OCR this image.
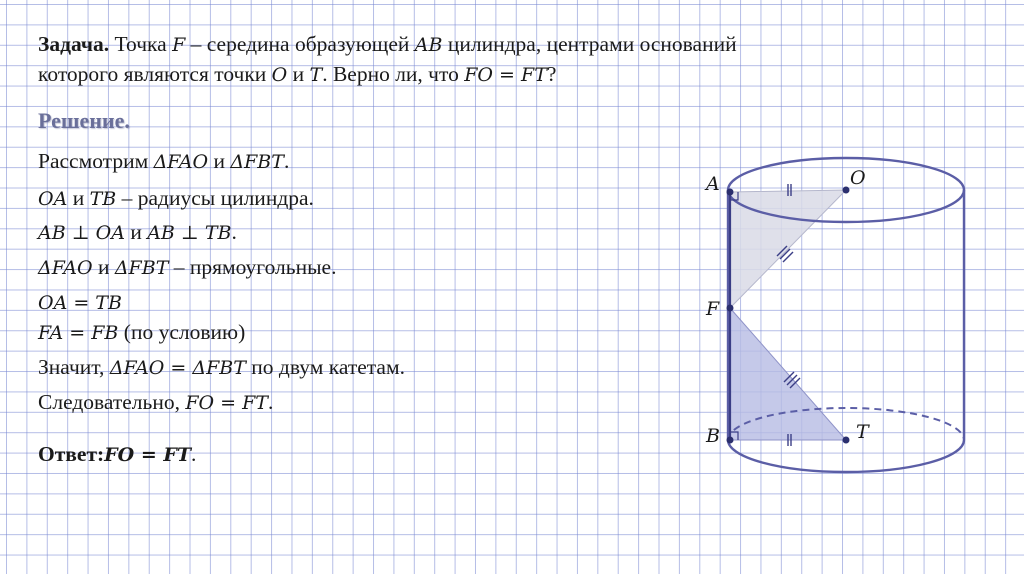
Задача. Точка F – середина образующей AB цилиндра, центрами оснований
которого являются точки O и T. Верно ли, что FO = FT?
Решение.
Рассмотрим ΔFAO и ΔFBT.
OA и TB – радиусы цилиндра.
AB ⊥ OA и AB ⊥ TB.
ΔFAO и ΔFBT – прямоугольные.
OA = TB
FA = FB (по условию)
Значит, ΔFAO = ΔFBT по двум катетам.
Следовательно, FO = FT.
Ответ:FO = FT.
A	O
F
B	T
